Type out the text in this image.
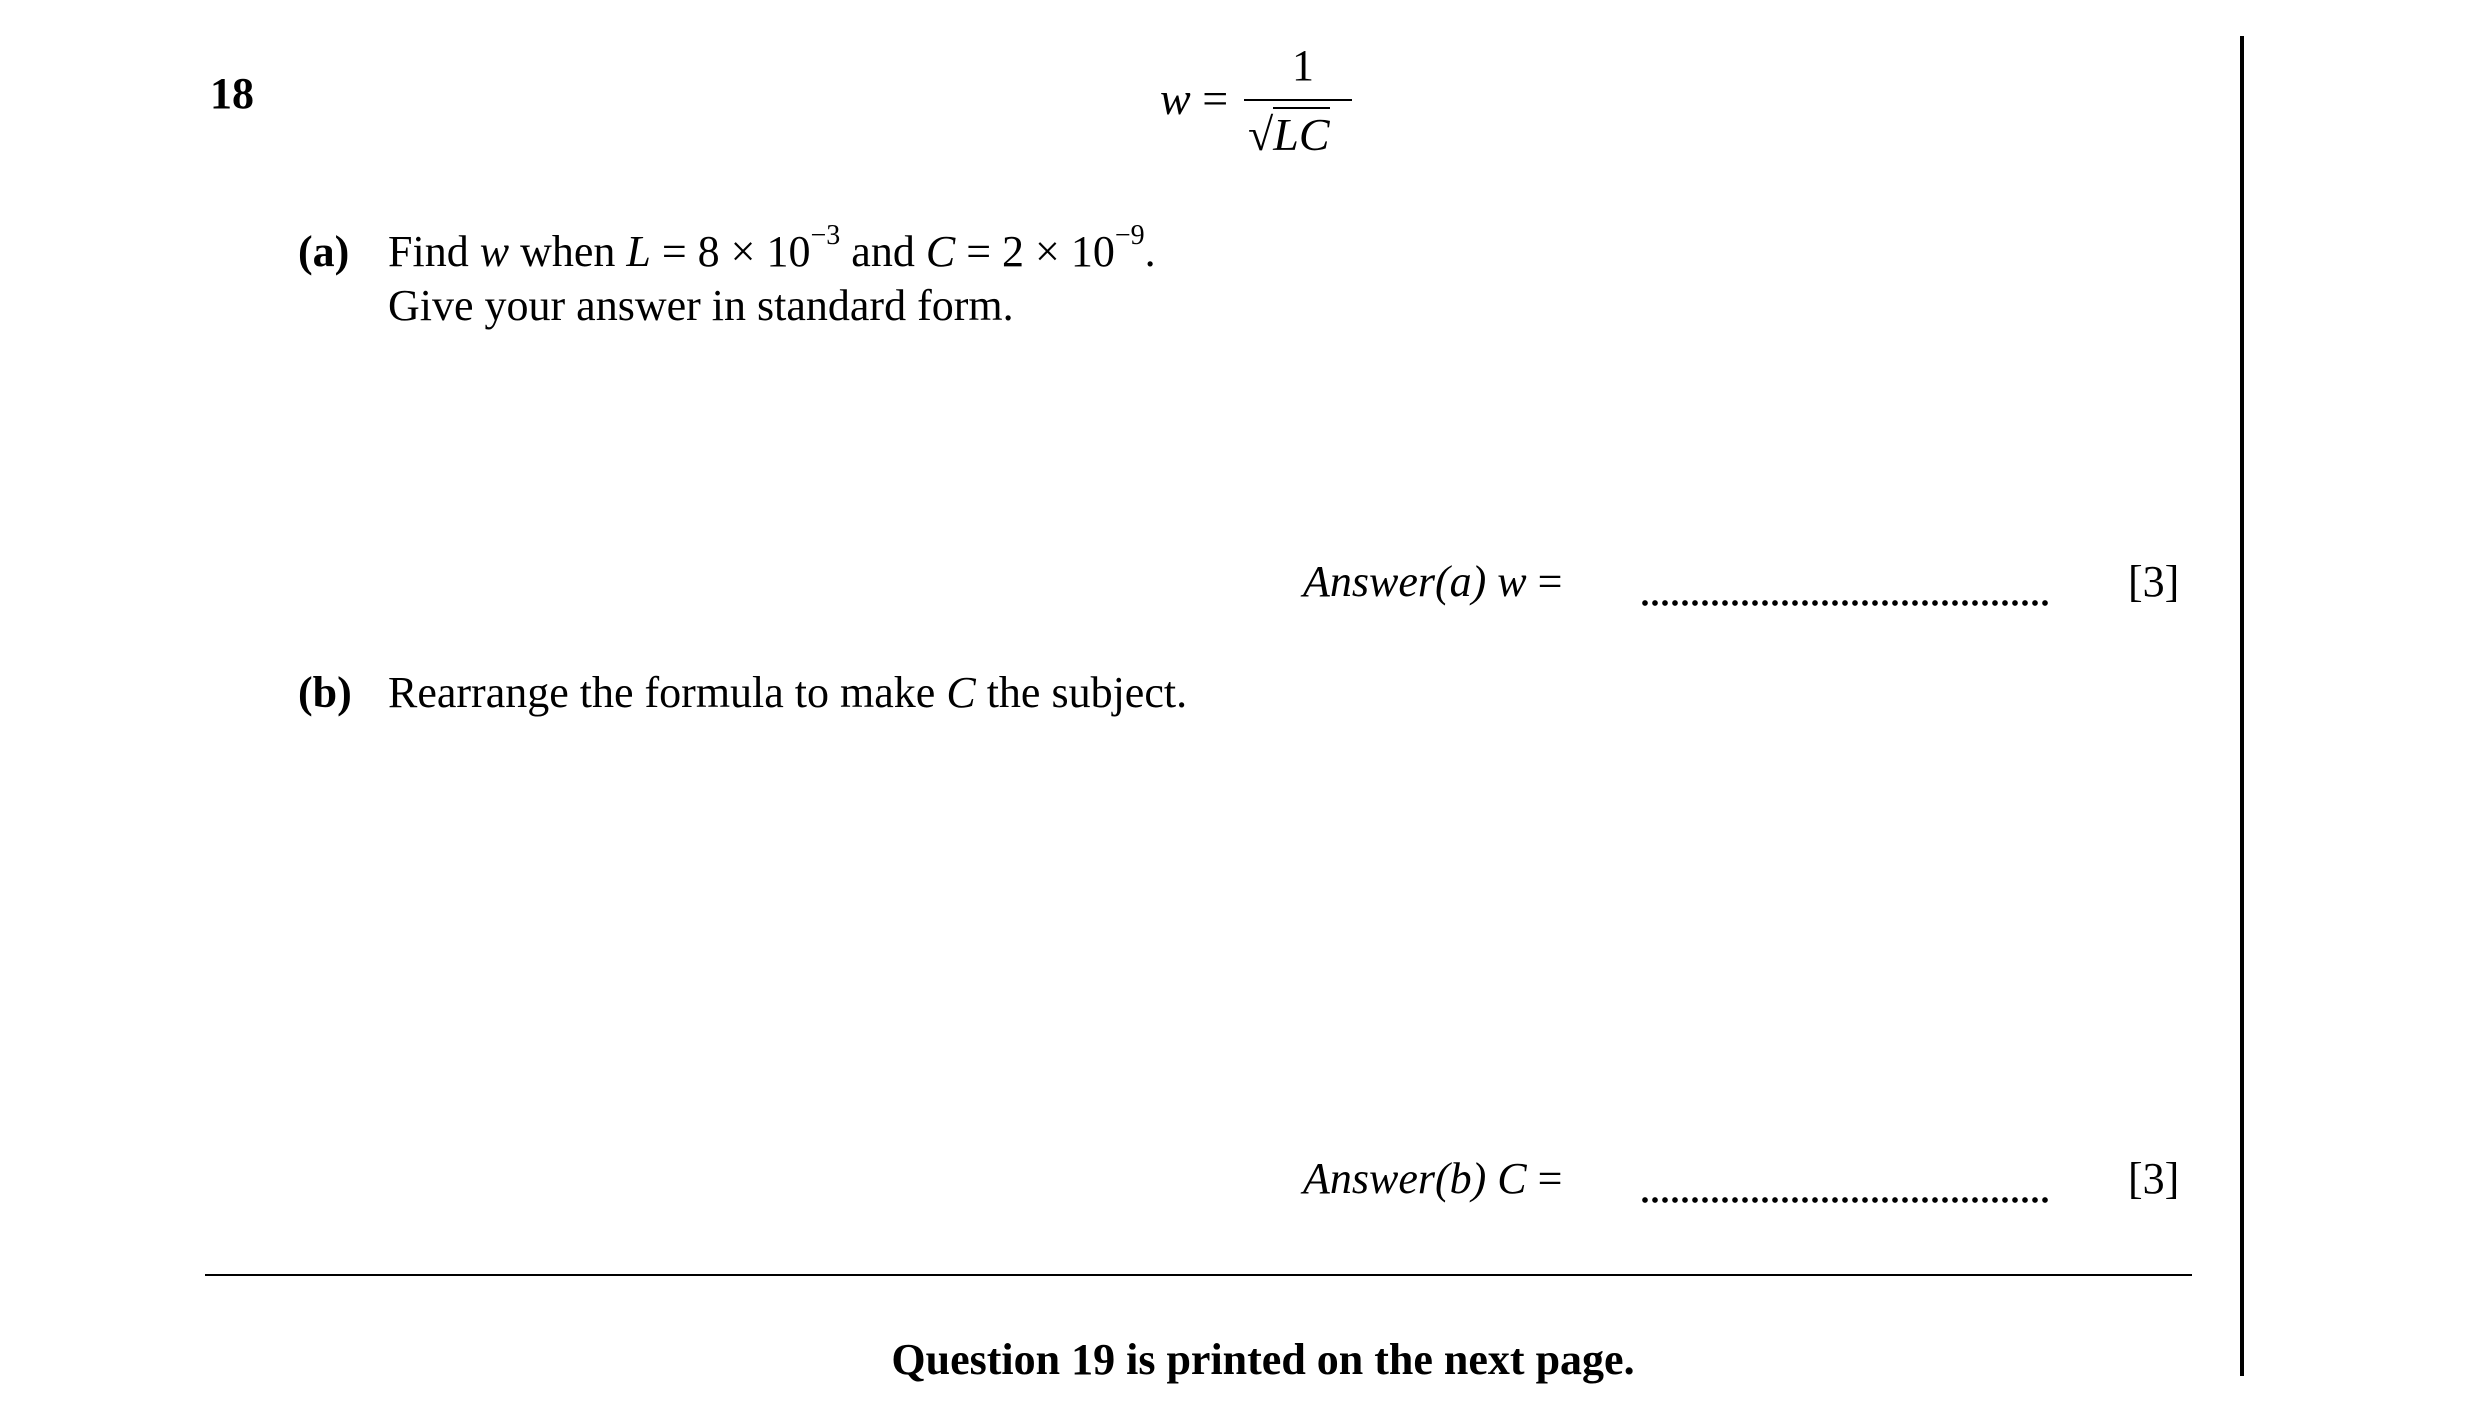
18	w =
1
√LC
(a) Find w when $L = 8 \times 10^{-3}$ and $C = 2 \times 10^{-9}$.
Give your answer in standard form.
Answer(a) w =	[3]
(b) Rearrange the formula to make C the subject.
Answer(b) C =	[3]
Question 19 is printed on the next page.
